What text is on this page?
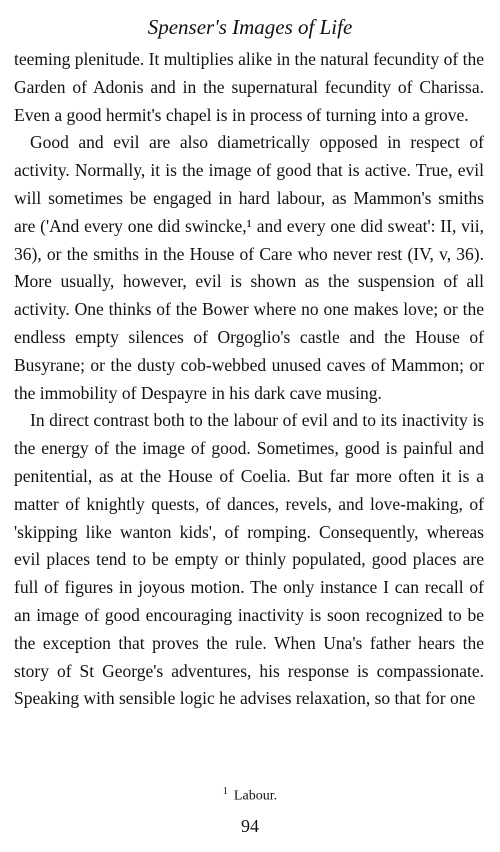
Spenser's Images of Life

teeming plenitude. It multiplies alike in the natural fecundity of the Garden of Adonis and in the supernatural fecundity of Charissa. Even a good hermit's chapel is in process of turning into a grove.

Good and evil are also diametrically opposed in respect of activity. Normally, it is the image of good that is active. True, evil will sometimes be engaged in hard labour, as Mammon's smiths are ('And every one did swincke,¹ and every one did sweat': II, vii, 36), or the smiths in the House of Care who never rest (IV, v, 36). More usually, however, evil is shown as the suspension of all activity. One thinks of the Bower where no one makes love; or the endless empty silences of Orgoglio's castle and the House of Busyrane; or the dusty cob-webbed unused caves of Mammon; or the immobility of Despayre in his dark cave musing.

In direct contrast both to the labour of evil and to its inactivity is the energy of the image of good. Sometimes, good is painful and penitential, as at the House of Coelia. But far more often it is a matter of knightly quests, of dances, revels, and love-making, of 'skipping like wanton kids', of romping. Consequently, whereas evil places tend to be empty or thinly populated, good places are full of figures in joyous motion. The only instance I can recall of an image of good encouraging inactivity is soon recognized to be the exception that proves the rule. When Una's father hears the story of St George's adventures, his response is compassionate. Speaking with sensible logic he advises relaxation, so that for one

$^1$ Labour.
94
